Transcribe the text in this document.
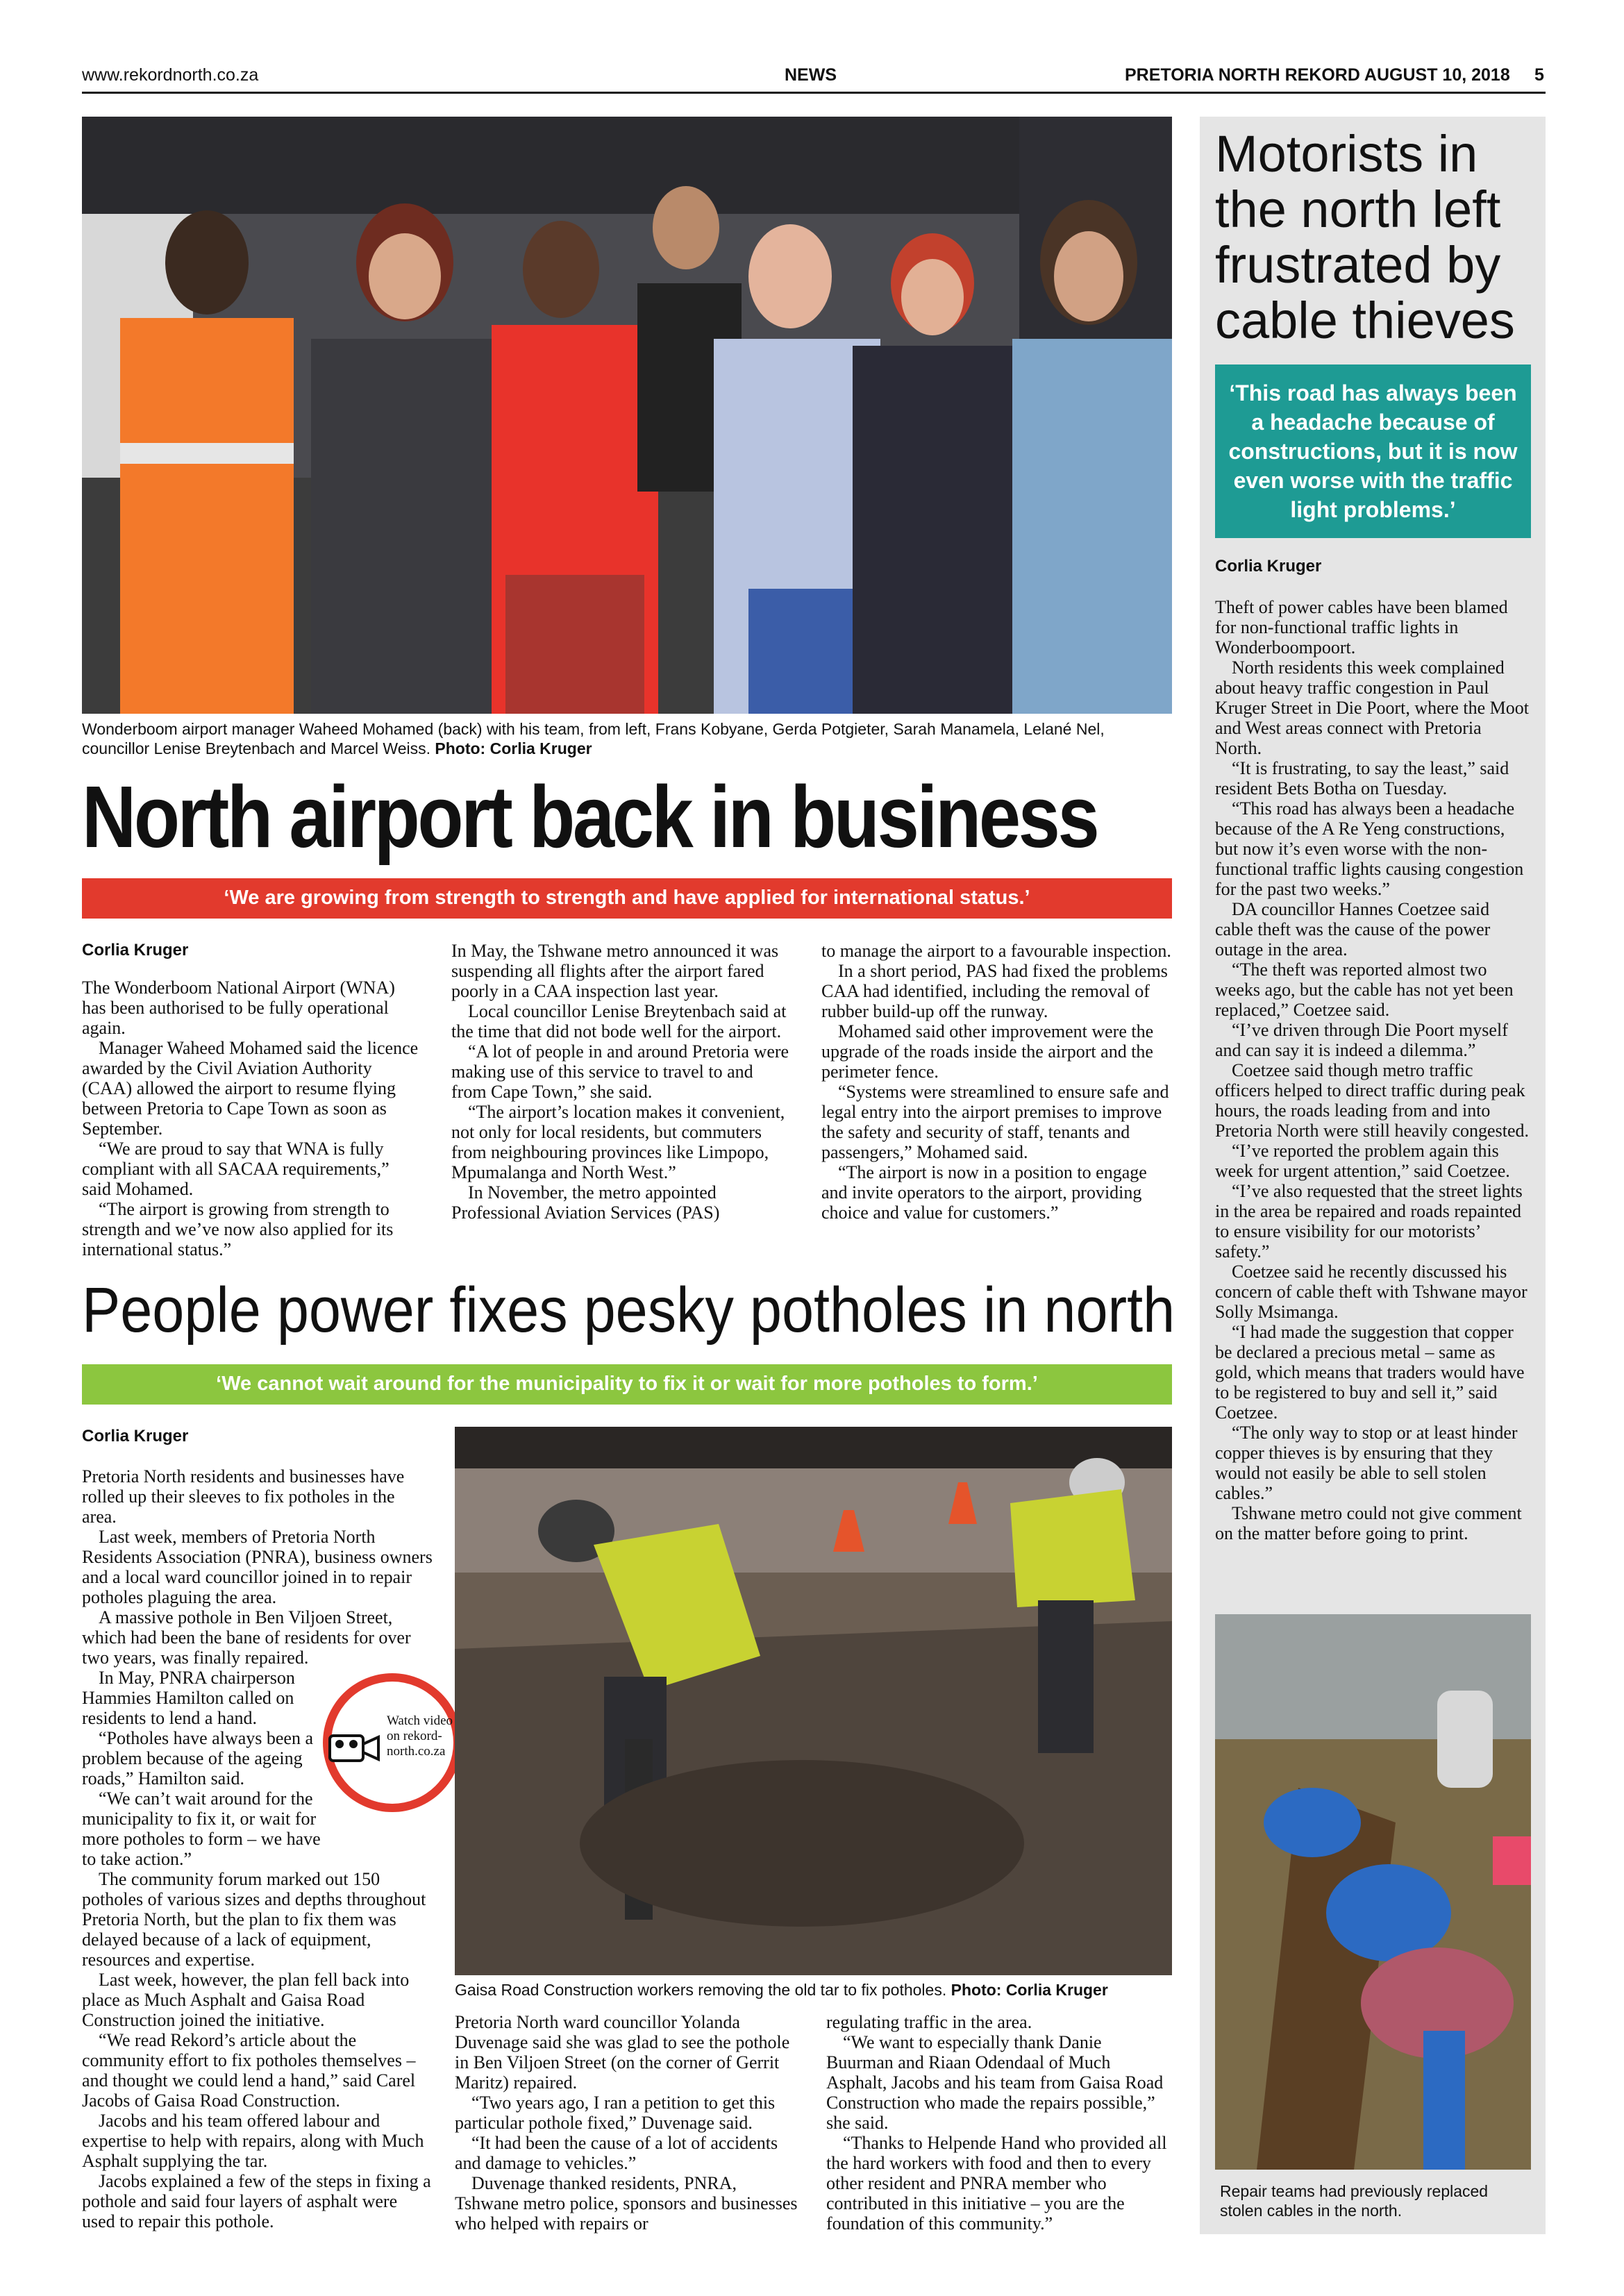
www.rekordnorth.co.za	NEWS	PRETORIA NORTH REKORD AUGUST 10, 2018 5
Wonderboom airport manager Waheed Mohamed (back) with his team, from left, Frans Kobyane, Gerda Potgieter, Sarah Manamela, Lelané Nel, councillor Lenise Breytenbach and Marcel Weiss. Photo: Corlia Kruger
North airport back in business
‘We are growing from strength to strength and have applied for international status.’
Corlia Kruger

The Wonderboom National Airport (WNA) has been authorised to be fully operational again.

Manager Waheed Mohamed said the licence awarded by the Civil Aviation Authority (CAA) allowed the airport to resume flying between Pretoria to Cape Town as soon as September.

“We are proud to say that WNA is fully compliant with all SACAA requirements,” said Mohamed.

“The airport is growing from strength to strength and we’ve now also applied for its international status.”

In May, the Tshwane metro announced it was suspending all flights after the airport fared poorly in a CAA inspection last year.

Local councillor Lenise Breytenbach said at the time that did not bode well for the airport.

“A lot of people in and around Pretoria were making use of this service to travel to and from Cape Town,” she said.

“The airport’s location makes it convenient, not only for local residents, but commuters from neighbouring provinces like Limpopo, Mpumalanga and North West.”

In November, the metro appointed Professional Aviation Services (PAS)

to manage the airport to a favourable inspection.

In a short period, PAS had fixed the problems CAA had identified, including the removal of rubber build-up off the runway.

Mohamed said other improvement were the upgrade of the roads inside the airport and the perimeter fence.

“Systems were streamlined to ensure safe and legal entry into the airport premises to improve the safety and security of staff, tenants and passengers,” Mohamed said.

“The airport is now in a position to engage and invite operators to the airport, providing choice and value for customers.”

People power fixes pesky potholes in north
‘We cannot wait around for the municipality to fix it or wait for more potholes to form.’
Corlia Kruger

Pretoria North residents and businesses have rolled up their sleeves to fix potholes in the area.

Last week, members of Pretoria North Residents Association (PNRA), business owners and a local ward councillor joined in to repair potholes plaguing the area.

A massive pothole in Ben Viljoen Street, which had been the bane of residents for over two years, was finally repaired.

In May, PNRA chairperson Hammies Hamilton called on residents to lend a hand.

“Potholes have always been a problem because of the ageing roads,” Hamilton said.

“We can’t wait around for the municipality to fix it, or wait for more potholes to form – we have to take action.”

The community forum marked out 150 potholes of various sizes and depths throughout Pretoria North, but the plan to fix them was delayed because of a lack of equipment, resources and expertise.

Last week, however, the plan fell back into place as Much Asphalt and Gaisa Road Construction joined the initiative.

“We read Rekord’s article about the community effort to fix potholes themselves – and thought we could lend a hand,” said Carel Jacobs of Gaisa Road Construction.

Jacobs and his team offered labour and expertise to help with repairs, along with Much Asphalt supplying the tar.

Jacobs explained a few of the steps in fixing a pothole and said four layers of asphalt were used to repair this pothole.

Watch video on rekord-north.co.za
Gaisa Road Construction workers removing the old tar to fix potholes. Photo: Corlia Kruger

Pretoria North ward councillor Yolanda Duvenage said she was glad to see the pothole in Ben Viljoen Street (on the corner of Gerrit Maritz) repaired.

“Two years ago, I ran a petition to get this particular pothole fixed,” Duvenage said.

“It had been the cause of a lot of accidents and damage to vehicles.”

Duvenage thanked residents, PNRA, Tshwane metro police, sponsors and businesses who helped with repairs or

regulating traffic in the area.

“We want to especially thank Danie Buurman and Riaan Odendaal of Much Asphalt, Jacobs and his team from Gaisa Road Construction who made the repairs possible,” she said.

“Thanks to Helpende Hand who provided all the hard workers with food and then to every other resident and PNRA member who contributed in this initiative – you are the foundation of this community.”

Motorists in the north left frustrated by cable thieves
‘This road has always been a headache because of constructions, but it is now even worse with the traffic light problems.’
Corlia Kruger

Theft of power cables have been blamed for non-functional traffic lights in Wonderboompoort.

North residents this week complained about heavy traffic congestion in Paul Kruger Street in Die Poort, where the Moot and West areas connect with Pretoria North.

“It is frustrating, to say the least,” said resident Bets Botha on Tuesday.

“This road has always been a headache because of the A Re Yeng constructions, but now it’s even worse with the non-functional traffic lights causing congestion for the past two weeks.”

DA councillor Hannes Coetzee said cable theft was the cause of the power outage in the area.

“The theft was reported almost two weeks ago, but the cable has not yet been replaced,” Coetzee said.

“I’ve driven through Die Poort myself and can say it is indeed a dilemma.”

Coetzee said though metro traffic officers helped to direct traffic during peak hours, the roads leading from and into Pretoria North were still heavily congested.

“I’ve reported the problem again this week for urgent attention,” said Coetzee.

“I’ve also requested that the street lights in the area be repaired and roads repainted to ensure visibility for our motorists’ safety.”

Coetzee said he recently discussed his concern of cable theft with Tshwane mayor Solly Msimanga.

“I had made the suggestion that copper be declared a precious metal – same as gold, which means that traders would have to be registered to buy and sell it,” said Coetzee.

“The only way to stop or at least hinder copper thieves is by ensuring that they would not easily be able to sell stolen cables.”

Tshwane metro could not give comment on the matter before going to print.

Repair teams had previously replaced stolen cables in the north.
